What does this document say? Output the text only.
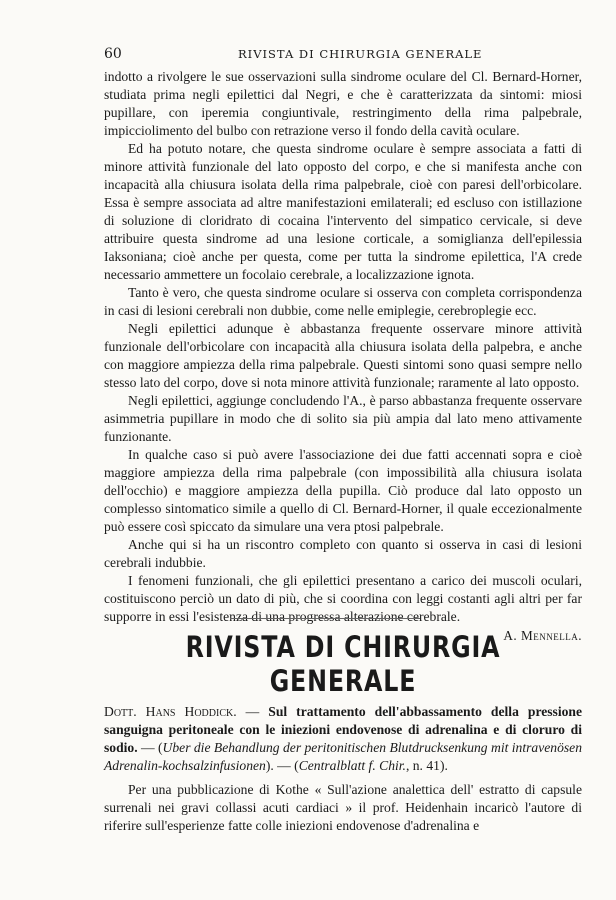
60	RIVISTA DI CHIRURGIA GENERALE

indotto a rivolgere le sue osservazioni sulla sindrome oculare del Cl. Bernard-Horner, studiata prima negli epilettici dal Negri, e che è caratterizzata da sintomi: miosi pupillare, con iperemia congiuntivale, restringimento della rima palpebrale, impicciolimento del bulbo con retrazione verso il fondo della cavità oculare.

Ed ha potuto notare, che questa sindrome oculare è sempre associata a fatti di minore attività funzionale del lato opposto del corpo, e che si manifesta anche con incapacità alla chiusura isolata della rima palpebrale, cioè con paresi dell'orbicolare. Essa è sempre associata ad altre manifestazioni emilaterali; ed escluso con istillazione di soluzione di cloridrato di cocaina l'intervento del simpatico cervicale, si deve attribuire questa sindrome ad una lesione corticale, a somiglianza dell'epilessia Iaksoniana; cioè anche per questa, come per tutta la sindrome epilettica, l'A crede necessario ammettere un focolaio cerebrale, a localizzazione ignota.

Tanto è vero, che questa sindrome oculare si osserva con completa corrispondenza in casi di lesioni cerebrali non dubbie, come nelle emiplegie, cerebroplegie ecc.

Negli epilettici adunque è abbastanza frequente osservare minore attività funzionale dell'orbicolare con incapacità alla chiusura isolata della palpebra, e anche con maggiore ampiezza della rima palpebrale. Questi sintomi sono quasi sempre nello stesso lato del corpo, dove si nota minore attività funzionale; raramente al lato opposto.

Negli epilettici, aggiunge concludendo l'A., è parso abbastanza frequente osservare asimmetria pupillare in modo che di solito sia più ampia dal lato meno attivamente funzionante.

In qualche caso si può avere l'associazione dei due fatti accennati sopra e cioè maggiore ampiezza della rima palpebrale (con impossibilità alla chiusura isolata dell'occhio) e maggiore ampiezza della pupilla. Ciò produce dal lato opposto un complesso sintomatico simile a quello di Cl. Bernard-Horner, il quale eccezionalmente può essere così spiccato da simulare una vera ptosi palpebrale.

Anche qui si ha un riscontro completo con quanto si osserva in casi di lesioni cerebrali indubbie.

I fenomeni funzionali, che gli epilettici presentano a carico dei muscoli oculari, costituiscono perciò un dato di più, che si coordina con leggi costanti agli altri per far supporre in essi l'esistenza di una progressa alterazione cerebrale.

A. Mennella.
RIVISTA DI CHIRURGIA GENERALE

Dott. Hans Hoddick. — Sul trattamento dell'abbassamento della pressione sanguigna peritoneale con le iniezioni endovenose di adrenalina e di cloruro di sodio. — (Uber die Behandlung der peritonitischen Blutdrucksenkung mit intravenösen Adrenalin-kochsalzinfusionen). — (Centralblatt f. Chir., n. 41).

Per una pubblicazione di Kothe « Sull'azione analettica dell' estratto di capsule surrenali nei gravi collassi acuti cardiaci » il prof. Heidenhain incaricò l'autore di riferire sull'esperienze fatte colle iniezioni endovenose d'adrenalina e
